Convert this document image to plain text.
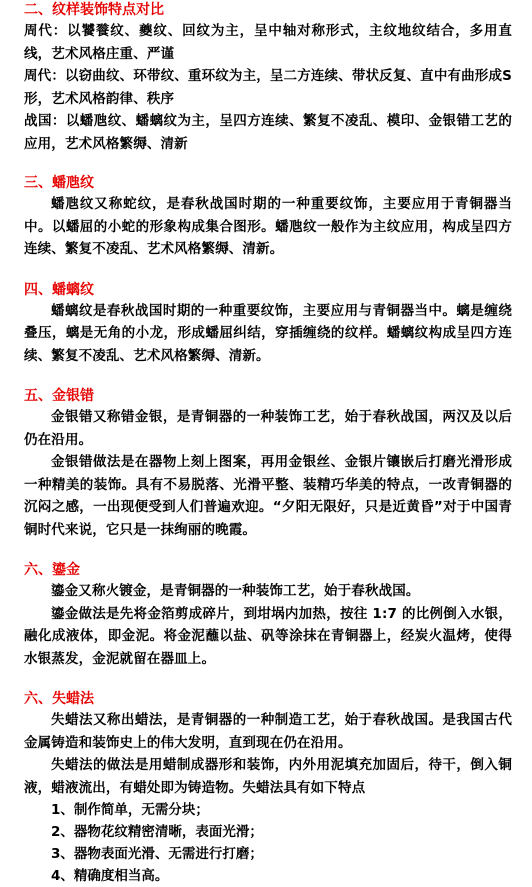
二、纹样装饰特点对比
周代：以饕餮纹、夔纹、回纹为主，呈中轴对称形式，主纹地纹结合，多用直线，艺术风格庄重、严谨
周代：以窃曲纹、环带纹、重环纹为主，呈二方连续、带状反复、直中有曲形成S形，艺术风格韵律、秩序
战国：以蟠虺纹、蟠螭纹为主，呈四方连续、繁复不凌乱、模印、金银错工艺的应用，艺术风格繁缛、清新
三、蟠虺纹
蟠虺纹又称蛇纹，是春秋战国时期的一种重要纹饰，主要应用于青铜器当中。以蟠屈的小蛇的形象构成集合图形。蟠虺纹一般作为主纹应用，构成呈四方连续、繁复不凌乱、艺术风格繁缛、清新。
四、蟠螭纹
蟠螭纹是春秋战国时期的一种重要纹饰，主要应用与青铜器当中。螭是缠绕叠压，螭是无角的小龙，形成蟠屈纠结，穿插缠绕的纹样。蟠螭纹构成呈四方连续、繁复不凌乱、艺术风格繁缛、清新。
五、金银错
金银错又称错金银，是青铜器的一种装饰工艺，始于春秋战国，两汉及以后仍在沿用。
金银错做法是在器物上刻上图案，再用金银丝、金银片镶嵌后打磨光滑形成一种精美的装饰。具有不易脱落、光滑平整、装精巧华美的特点，一改青铜器的沉闷之感，一出现便受到人们普遍欢迎。“夕阳无限好，只是近黄昏”对于中国青铜时代来说，它只是一抹绚丽的晚霞。
六、鎏金
鎏金又称火镀金，是青铜器的一种装饰工艺，始于春秋战国。
鎏金做法是先将金箔剪成碎片，到坩埚内加热，按往 1:7 的比例倒入水银，融化成液体，即金泥。将金泥蘸以盐、矾等涂抹在青铜器上，经炭火温烤，使得水银蒸发，金泥就留在器皿上。
六、失蜡法
失蜡法又称出蜡法，是青铜器的一种制造工艺，始于春秋战国。是我国古代金属铸造和装饰史上的伟大发明，直到现在仍在沿用。
失蜡法的做法是用蜡制成器形和装饰，内外用泥填充加固后，待干，倒入铜液，蜡液流出，有蜡处即为铸造物。失蜡法具有如下特点
1、制作简单，无需分块；
2、器物花纹精密清晰，表面光滑；
3、器物表面光滑、无需进行打磨；
4、精确度相当高。
